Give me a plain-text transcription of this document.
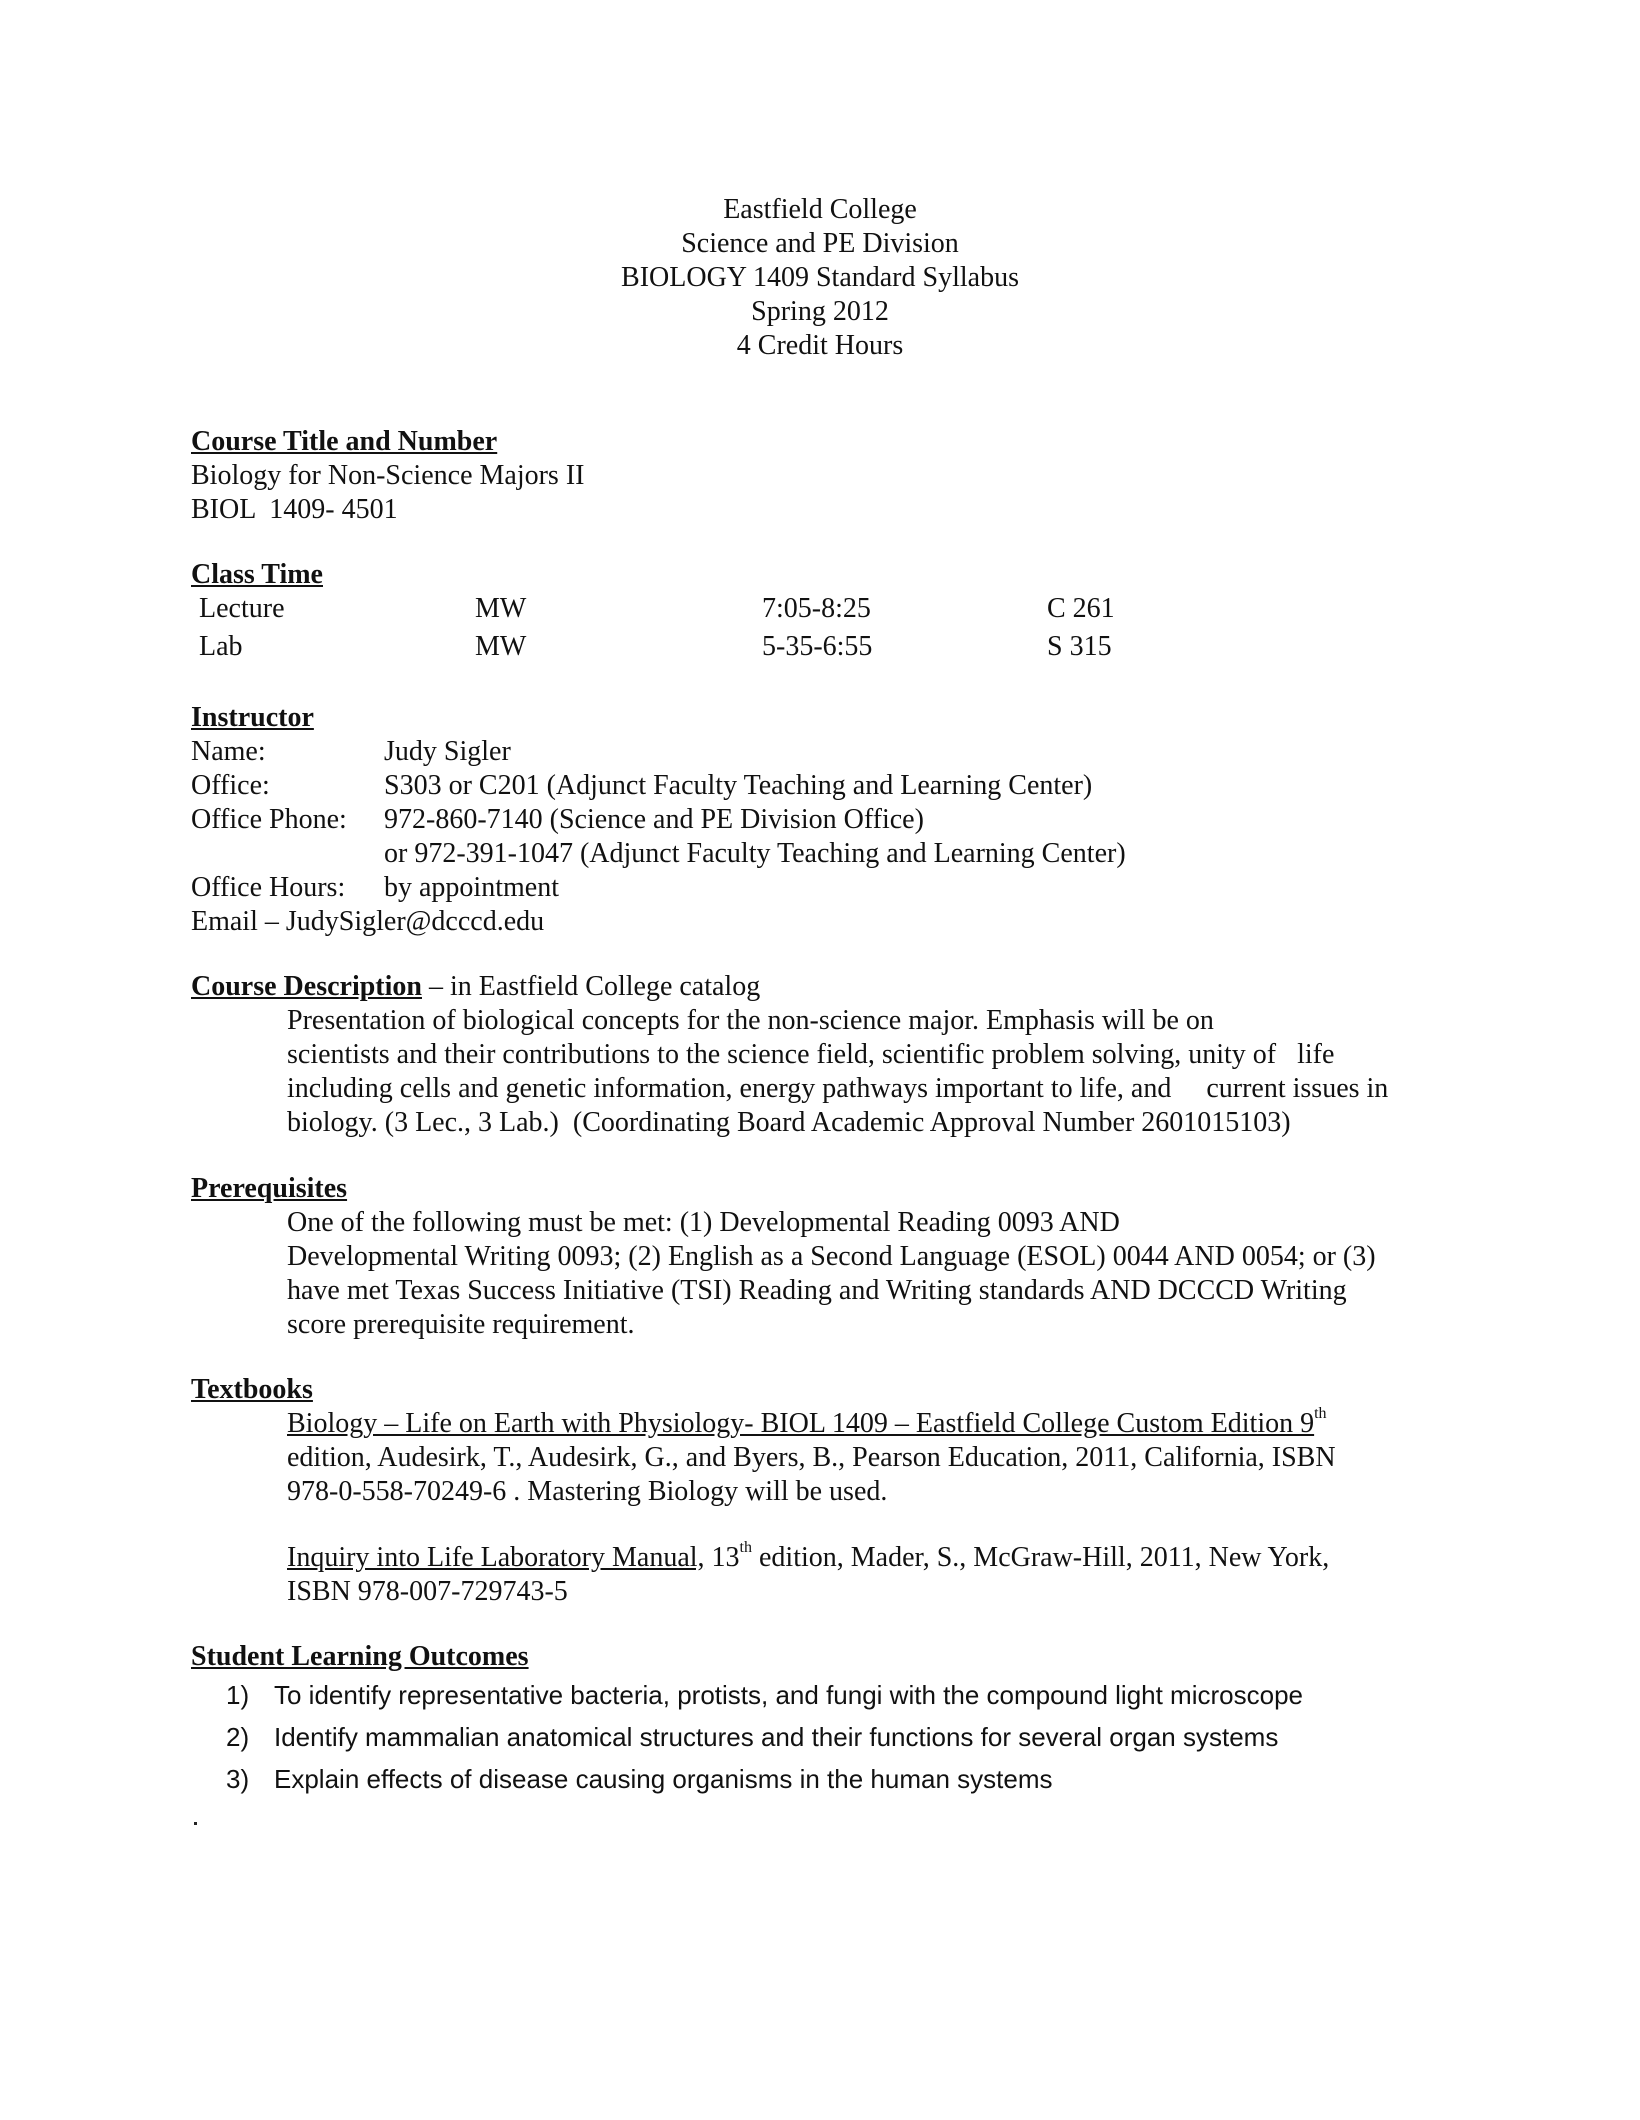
Eastfield College
Science and PE Division
BIOLOGY 1409 Standard Syllabus
Spring 2012
4 Credit Hours
Course Title and Number
Biology for Non-Science Majors II
BIOL  1409- 4501
Class Time
Lecture	MW	7:05-8:25	C 261
Lab	MW	5-35-6:55	S 315
Instructor
Name:	Judy Sigler
Office:	S303 or C201 (Adjunct Faculty Teaching and Learning Center)
Office Phone: 972-860-7140 (Science and PE Division Office)
or 972-391-1047 (Adjunct Faculty Teaching and Learning Center)
Office Hours: by appointment
Email – JudySigler@dcccd.edu
Course Description – in Eastfield College catalog
Presentation of biological concepts for the non-science major. Emphasis will be on
scientists and their contributions to the science field, scientific problem solving, unity of   life
including cells and genetic information, energy pathways important to life, and     current issues in
biology. (3 Lec., 3 Lab.)  (Coordinating Board Academic Approval Number 2601015103)
Prerequisites
One of the following must be met: (1) Developmental Reading 0093 AND
Developmental Writing 0093; (2) English as a Second Language (ESOL) 0044 AND 0054; or (3)
have met Texas Success Initiative (TSI) Reading and Writing standards AND DCCCD Writing
score prerequisite requirement.
Textbooks
Biology – Life on Earth with Physiology- BIOL 1409 – Eastfield College Custom Edition 9th
edition, Audesirk, T., Audesirk, G., and Byers, B., Pearson Education, 2011, California, ISBN
978-0-558-70249-6 . Mastering Biology will be used.
Inquiry into Life Laboratory Manual, 13th edition, Mader, S., McGraw-Hill, 2011, New York,
ISBN 978-007-729743-5
Student Learning Outcomes
1) To identify representative bacteria, protists, and fungi with the compound light microscope
2) Identify mammalian anatomical structures and their functions for several organ systems
3) Explain effects of disease causing organisms in the human systems
